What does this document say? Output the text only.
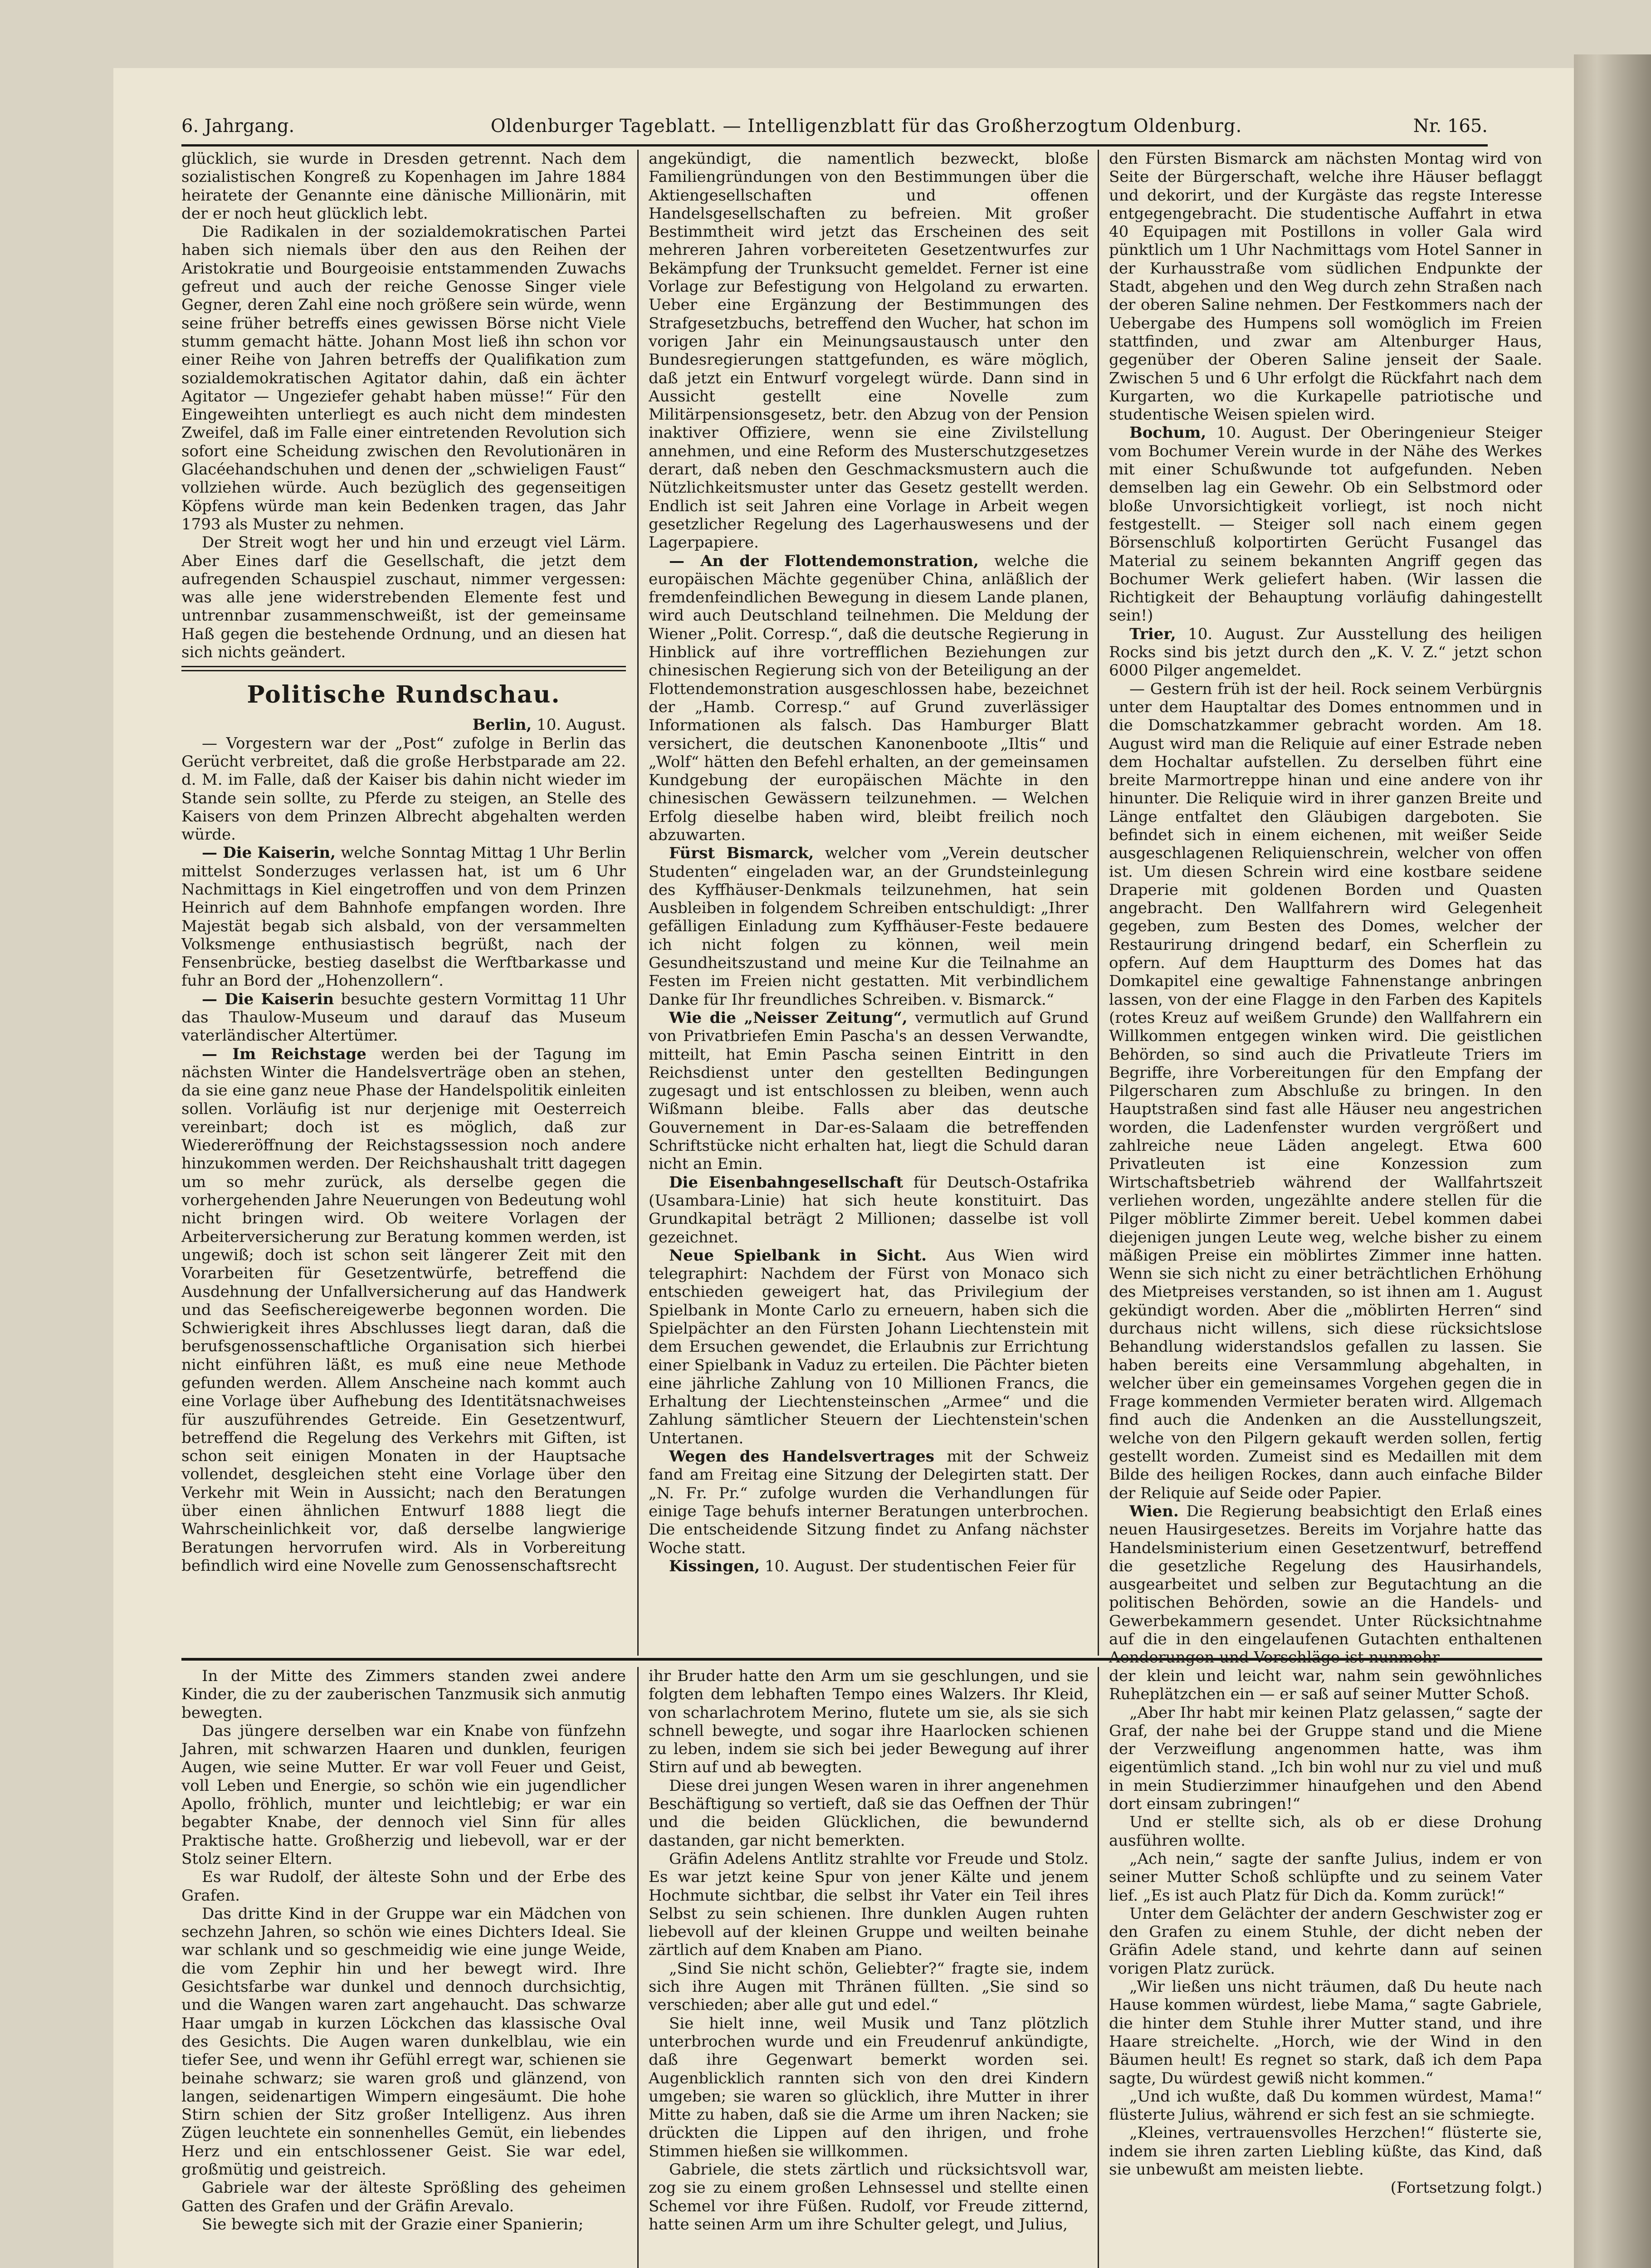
6. Jahrgang.	Oldenburger Tageblatt. — Intelligenzblatt für das Großherzogtum Oldenburg.	Nr. 165.

glücklich, sie wurde in Dresden getrennt. Nach dem sozialistischen Kongreß zu Kopenhagen im Jahre 1884 heiratete der Genannte eine dänische Millionärin, mit der er noch heut glücklich lebt.

Die Radikalen in der sozialdemokratischen Partei haben sich niemals über den aus den Reihen der Aristokratie und Bourgeoisie entstammenden Zuwachs gefreut und auch der reiche Genosse Singer viele Gegner, deren Zahl eine noch größere sein würde, wenn seine früher betreffs eines gewissen Börse nicht Viele stumm gemacht hätte. Johann Most ließ ihn schon vor einer Reihe von Jahren betreffs der Qualifikation zum sozialdemokratischen Agitator dahin, daß ein ächter Agitator — Ungeziefer gehabt haben müsse!“ Für den Eingeweihten unterliegt es auch nicht dem mindesten Zweifel, daß im Falle einer eintretenden Revolution sich sofort eine Scheidung zwischen den Revolutionären in Glacéehandschuhen und denen der „schwieligen Faust“ vollziehen würde. Auch bezüglich des gegenseitigen Köpfens würde man kein Bedenken tragen, das Jahr 1793 als Muster zu nehmen.

Der Streit wogt her und hin und erzeugt viel Lärm. Aber Eines darf die Gesellschaft, die jetzt dem aufregenden Schauspiel zuschaut, nimmer vergessen: was alle jene widerstrebenden Elemente fest und untrennbar zusammenschweißt, ist der gemeinsame Haß gegen die bestehende Ordnung, und an diesen hat sich nichts geändert.

Politische Rundschau.

Berlin, 10. August.

— Vorgestern war der „Post“ zufolge in Berlin das Gerücht verbreitet, daß die große Herbstparade am 22. d. M. im Falle, daß der Kaiser bis dahin nicht wieder im Stande sein sollte, zu Pferde zu steigen, an Stelle des Kaisers von dem Prinzen Albrecht abgehalten werden würde.

— Die Kaiserin, welche Sonntag Mittag 1 Uhr Berlin mittelst Sonderzuges verlassen hat, ist um 6 Uhr Nachmittags in Kiel eingetroffen und von dem Prinzen Heinrich auf dem Bahnhofe empfangen worden. Ihre Majestät begab sich alsbald, von der versammelten Volksmenge enthusiastisch begrüßt, nach der Fensenbrücke, bestieg daselbst die Werftbarkasse und fuhr an Bord der „Hohenzollern“.

— Die Kaiserin besuchte gestern Vormittag 11 Uhr das Thaulow-Museum und darauf das Museum vaterländischer Altertümer.

— Im Reichstage werden bei der Tagung im nächsten Winter die Handelsverträge oben an stehen, da sie eine ganz neue Phase der Handelspolitik einleiten sollen. Vorläufig ist nur derjenige mit Oesterreich vereinbart; doch ist es möglich, daß zur Wiedereröffnung der Reichstagssession noch andere hinzukommen werden. Der Reichshaushalt tritt dagegen um so mehr zurück, als derselbe gegen die vorhergehenden Jahre Neuerungen von Bedeutung wohl nicht bringen wird. Ob weitere Vorlagen der Arbeiterversicherung zur Beratung kommen werden, ist ungewiß; doch ist schon seit längerer Zeit mit den Vorarbeiten für Gesetzentwürfe, betreffend die Ausdehnung der Unfallversicherung auf das Handwerk und das Seefischereigewerbe begonnen worden. Die Schwierigkeit ihres Abschlusses liegt daran, daß die berufsgenossenschaftliche Organisation sich hierbei nicht einführen läßt, es muß eine neue Methode gefunden werden. Allem Anscheine nach kommt auch eine Vorlage über Aufhebung des Identitätsnachweises für auszuführendes Getreide. Ein Gesetzentwurf, betreffend die Regelung des Verkehrs mit Giften, ist schon seit einigen Monaten in der Hauptsache vollendet, desgleichen steht eine Vorlage über den Verkehr mit Wein in Aussicht; nach den Beratungen über einen ähnlichen Entwurf 1888 liegt die Wahrscheinlichkeit vor, daß derselbe langwierige Beratungen hervorrufen wird. Als in Vorbereitung befindlich wird eine Novelle zum Genossenschaftsrecht

angekündigt, die namentlich bezweckt, bloße Familiengründungen von den Bestimmungen über die Aktiengesellschaften und offenen Handelsgesellschaften zu befreien. Mit großer Bestimmtheit wird jetzt das Erscheinen des seit mehreren Jahren vorbereiteten Gesetzentwurfes zur Bekämpfung der Trunksucht gemeldet. Ferner ist eine Vorlage zur Befestigung von Helgoland zu erwarten. Ueber eine Ergänzung der Bestimmungen des Strafgesetzbuchs, betreffend den Wucher, hat schon im vorigen Jahr ein Meinungsaustausch unter den Bundesregierungen stattgefunden, es wäre möglich, daß jetzt ein Entwurf vorgelegt würde. Dann sind in Aussicht gestellt eine Novelle zum Militärpensionsgesetz, betr. den Abzug von der Pension inaktiver Offiziere, wenn sie eine Zivilstellung annehmen, und eine Reform des Musterschutzgesetzes derart, daß neben den Geschmacksmustern auch die Nützlichkeitsmuster unter das Gesetz gestellt werden. Endlich ist seit Jahren eine Vorlage in Arbeit wegen gesetzlicher Regelung des Lagerhauswesens und der Lagerpapiere.

— An der Flottendemonstration, welche die europäischen Mächte gegenüber China, anläßlich der fremdenfeindlichen Bewegung in diesem Lande planen, wird auch Deutschland teilnehmen. Die Meldung der Wiener „Polit. Corresp.“, daß die deutsche Regierung in Hinblick auf ihre vortrefflichen Beziehungen zur chinesischen Regierung sich von der Beteiligung an der Flottendemonstration ausgeschlossen habe, bezeichnet der „Hamb. Corresp.“ auf Grund zuverlässiger Informationen als falsch. Das Hamburger Blatt versichert, die deutschen Kanonenboote „Iltis“ und „Wolf“ hätten den Befehl erhalten, an der gemeinsamen Kundgebung der europäischen Mächte in den chinesischen Gewässern teilzunehmen. — Welchen Erfolg dieselbe haben wird, bleibt freilich noch abzuwarten.

Fürst Bismarck, welcher vom „Verein deutscher Studenten“ eingeladen war, an der Grundsteinlegung des Kyffhäuser-Denkmals teilzunehmen, hat sein Ausbleiben in folgendem Schreiben entschuldigt: „Ihrer gefälligen Einladung zum Kyffhäuser-Feste bedauere ich nicht folgen zu können, weil mein Gesundheitszustand und meine Kur die Teilnahme an Festen im Freien nicht gestatten. Mit verbindlichem Danke für Ihr freundliches Schreiben. v. Bismarck.“

Wie die „Neisser Zeitung“, vermutlich auf Grund von Privatbriefen Emin Pascha's an dessen Verwandte, mitteilt, hat Emin Pascha seinen Eintritt in den Reichsdienst unter den gestellten Bedingungen zugesagt und ist entschlossen zu bleiben, wenn auch Wißmann bleibe. Falls aber das deutsche Gouvernement in Dar-es-Salaam die betreffenden Schriftstücke nicht erhalten hat, liegt die Schuld daran nicht an Emin.

Die Eisenbahngesellschaft für Deutsch-Ostafrika (Usambara-Linie) hat sich heute konstituirt. Das Grundkapital beträgt 2 Millionen; dasselbe ist voll gezeichnet.

Neue Spielbank in Sicht. Aus Wien wird telegraphirt: Nachdem der Fürst von Monaco sich entschieden geweigert hat, das Privilegium der Spielbank in Monte Carlo zu erneuern, haben sich die Spielpächter an den Fürsten Johann Liechtenstein mit dem Ersuchen gewendet, die Erlaubnis zur Errichtung einer Spielbank in Vaduz zu erteilen. Die Pächter bieten eine jährliche Zahlung von 10 Millionen Francs, die Erhaltung der Liechtensteinschen „Armee“ und die Zahlung sämtlicher Steuern der Liechtenstein'schen Untertanen.

Wegen des Handelsvertrages mit der Schweiz fand am Freitag eine Sitzung der Delegirten statt. Der „N. Fr. Pr.“ zufolge wurden die Verhandlungen für einige Tage behufs interner Beratungen unterbrochen. Die entscheidende Sitzung findet zu Anfang nächster Woche statt.

Kissingen, 10. August. Der studentischen Feier für

den Fürsten Bismarck am nächsten Montag wird von Seite der Bürgerschaft, welche ihre Häuser beflaggt und dekorirt, und der Kurgäste das regste Interesse entgegengebracht. Die studentische Auffahrt in etwa 40 Equipagen mit Postillons in voller Gala wird pünktlich um 1 Uhr Nachmittags vom Hotel Sanner in der Kurhausstraße vom südlichen Endpunkte der Stadt, abgehen und den Weg durch zehn Straßen nach der oberen Saline nehmen. Der Festkommers nach der Uebergabe des Humpens soll womöglich im Freien stattfinden, und zwar am Altenburger Haus, gegenüber der Oberen Saline jenseit der Saale. Zwischen 5 und 6 Uhr erfolgt die Rückfahrt nach dem Kurgarten, wo die Kurkapelle patriotische und studentische Weisen spielen wird.

Bochum, 10. August. Der Oberingenieur Steiger vom Bochumer Verein wurde in der Nähe des Werkes mit einer Schußwunde tot aufgefunden. Neben demselben lag ein Gewehr. Ob ein Selbstmord oder bloße Unvorsichtigkeit vorliegt, ist noch nicht festgestellt. — Steiger soll nach einem gegen Börsenschluß kolportirten Gerücht Fusangel das Material zu seinem bekannten Angriff gegen das Bochumer Werk geliefert haben. (Wir lassen die Richtigkeit der Behauptung vorläufig dahingestellt sein!)

Trier, 10. August. Zur Ausstellung des heiligen Rocks sind bis jetzt durch den „K. V. Z.“ jetzt schon 6000 Pilger angemeldet.

— Gestern früh ist der heil. Rock seinem Verbürgnis unter dem Hauptaltar des Domes entnommen und in die Domschatzkammer gebracht worden. Am 18. August wird man die Reliquie auf einer Estrade neben dem Hochaltar aufstellen. Zu derselben führt eine breite Marmortreppe hinan und eine andere von ihr hinunter. Die Reliquie wird in ihrer ganzen Breite und Länge entfaltet den Gläubigen dargeboten. Sie befindet sich in einem eichenen, mit weißer Seide ausgeschlagenen Reliquienschrein, welcher von offen ist. Um diesen Schrein wird eine kostbare seidene Draperie mit goldenen Borden und Quasten angebracht. Den Wallfahrern wird Gelegenheit gegeben, zum Besten des Domes, welcher der Restaurirung dringend bedarf, ein Scherflein zu opfern. Auf dem Hauptturm des Domes hat das Domkapitel eine gewaltige Fahnenstange anbringen lassen, von der eine Flagge in den Farben des Kapitels (rotes Kreuz auf weißem Grunde) den Wallfahrern ein Willkommen entgegen winken wird. Die geistlichen Behörden, so sind auch die Privatleute Triers im Begriffe, ihre Vorbereitungen für den Empfang der Pilgerscharen zum Abschluße zu bringen. In den Hauptstraßen sind fast alle Häuser neu angestrichen worden, die Ladenfenster wurden vergrößert und zahlreiche neue Läden angelegt. Etwa 600 Privatleuten ist eine Konzession zum Wirtschaftsbetrieb während der Wallfahrtszeit verliehen worden, ungezählte andere stellen für die Pilger möblirte Zimmer bereit. Uebel kommen dabei diejenigen jungen Leute weg, welche bisher zu einem mäßigen Preise ein möblirtes Zimmer inne hatten. Wenn sie sich nicht zu einer beträchtlichen Erhöhung des Mietpreises verstanden, so ist ihnen am 1. August gekündigt worden. Aber die „möblirten Herren“ sind durchaus nicht willens, sich diese rücksichtslose Behandlung widerstandslos gefallen zu lassen. Sie haben bereits eine Versammlung abgehalten, in welcher über ein gemeinsames Vorgehen gegen die in Frage kommenden Vermieter beraten wird. Allgemach find auch die Andenken an die Ausstellungszeit, welche von den Pilgern gekauft werden sollen, fertig gestellt worden. Zumeist sind es Medaillen mit dem Bilde des heiligen Rockes, dann auch einfache Bilder der Reliquie auf Seide oder Papier.

Wien. Die Regierung beabsichtigt den Erlaß eines neuen Hausirgesetzes. Bereits im Vorjahre hatte das Handelsministerium einen Gesetzentwurf, betreffend die gesetzliche Regelung des Hausirhandels, ausgearbeitet und selben zur Begutachtung an die politischen Behörden, sowie an die Handels- und Gewerbekammern gesendet. Unter Rücksichtnahme auf die in den eingelaufenen Gutachten enthaltenen

In der Mitte des Zimmers standen zwei andere Kinder, die zu der zauberischen Tanzmusik sich anmutig bewegten.

Das jüngere derselben war ein Knabe von fünfzehn Jahren, mit schwarzen Haaren und dunklen, feurigen Augen, wie seine Mutter. Er war voll Feuer und Geist, voll Leben und Energie, so schön wie ein jugendlicher Apollo, fröhlich, munter und leichtlebig; er war ein begabter Knabe, der dennoch viel Sinn für alles Praktische hatte. Großherzig und liebevoll, war er der Stolz seiner Eltern.

Es war Rudolf, der älteste Sohn und der Erbe des Grafen.

Das dritte Kind in der Gruppe war ein Mädchen von sechzehn Jahren, so schön wie eines Dichters Ideal. Sie war schlank und so geschmeidig wie eine junge Weide, die vom Zephir hin und her bewegt wird. Ihre Gesichtsfarbe war dunkel und dennoch durchsichtig, und die Wangen waren zart angehaucht. Das schwarze Haar umgab in kurzen Löckchen das klassische Oval des Gesichts. Die Augen waren dunkelblau, wie ein tiefer See, und wenn ihr Gefühl erregt war, schienen sie beinahe schwarz; sie waren groß und glänzend, von langen, seidenartigen Wimpern eingesäumt. Die hohe Stirn schien der Sitz großer Intelligenz. Aus ihren Zügen leuchtete ein sonnenhelles Gemüt, ein liebendes Herz und ein entschlossener Geist. Sie war edel, großmütig und geistreich.

Gabriele war der älteste Sprößling des geheimen Gatten des Grafen und der Gräfin Arevalo.

Sie bewegte sich mit der Grazie einer Spanierin;

ihr Bruder hatte den Arm um sie geschlungen, und sie folgten dem lebhaften Tempo eines Walzers. Ihr Kleid, von scharlachrotem Merino, flutete um sie, als sie sich schnell bewegte, und sogar ihre Haarlocken schienen zu leben, indem sie sich bei jeder Bewegung auf ihrer Stirn auf und ab bewegten.

Diese drei jungen Wesen waren in ihrer angenehmen Beschäftigung so vertieft, daß sie das Oeffnen der Thür und die beiden Glücklichen, die bewundernd dastanden, gar nicht bemerkten.

Gräfin Adelens Antlitz strahlte vor Freude und Stolz. Es war jetzt keine Spur von jener Kälte und jenem Hochmute sichtbar, die selbst ihr Vater ein Teil ihres Selbst zu sein schienen. Ihre dunklen Augen ruhten liebevoll auf der kleinen Gruppe und weilten beinahe zärtlich auf dem Knaben am Piano.

„Sind Sie nicht schön, Geliebter?“ fragte sie, indem sich ihre Augen mit Thränen füllten. „Sie sind so verschieden; aber alle gut und edel.“

Sie hielt inne, weil Musik und Tanz plötzlich unterbrochen wurde und ein Freudenruf ankündigte, daß ihre Gegenwart bemerkt worden sei. Augenblicklich rannten sich von den drei Kindern umgeben; sie waren so glücklich, ihre Mutter in ihrer Mitte zu haben, daß sie die Arme um ihren Nacken; sie drückten die Lippen auf den ihrigen, und frohe Stimmen hießen sie willkommen.

Gabriele, die stets zärtlich und rücksichtsvoll war, zog sie zu einem großen Lehnsessel und stellte einen Schemel vor ihre Füßen. Rudolf, vor Freude zitternd, hatte seinen Arm um ihre Schulter gelegt, und Julius,

der klein und leicht war, nahm sein gewöhnliches Ruheplätzchen ein — er saß auf seiner Mutter Schoß.

„Aber Ihr habt mir keinen Platz gelassen,“ sagte der Graf, der nahe bei der Gruppe stand und die Miene der Verzweiflung angenommen hatte, was ihm eigentümlich stand. „Ich bin wohl nur zu viel und muß in mein Studierzimmer hinaufgehen und den Abend dort einsam zubringen!“

Und er stellte sich, als ob er diese Drohung ausführen wollte.

„Ach nein,“ sagte der sanfte Julius, indem er von seiner Mutter Schoß schlüpfte und zu seinem Vater lief. „Es ist auch Platz für Dich da. Komm zurück!“

Unter dem Gelächter der andern Geschwister zog er den Grafen zu einem Stuhle, der dicht neben der Gräfin Adele stand, und kehrte dann auf seinen vorigen Platz zurück.

„Wir ließen uns nicht träumen, daß Du heute nach Hause kommen würdest, liebe Mama,“ sagte Gabriele, die hinter dem Stuhle ihrer Mutter stand, und ihre Haare streichelte. „Horch, wie der Wind in den Bäumen heult! Es regnet so stark, daß ich dem Papa sagte, Du würdest gewiß nicht kommen.“

„Und ich wußte, daß Du kommen würdest, Mama!“ flüsterte Julius, während er sich fest an sie schmiegte.

„Kleines, vertrauensvolles Herzchen!“ flüsterte sie, indem sie ihren zarten Liebling küßte, das Kind, daß sie unbewußt am meisten liebte.

(Fortsetzung folgt.)
